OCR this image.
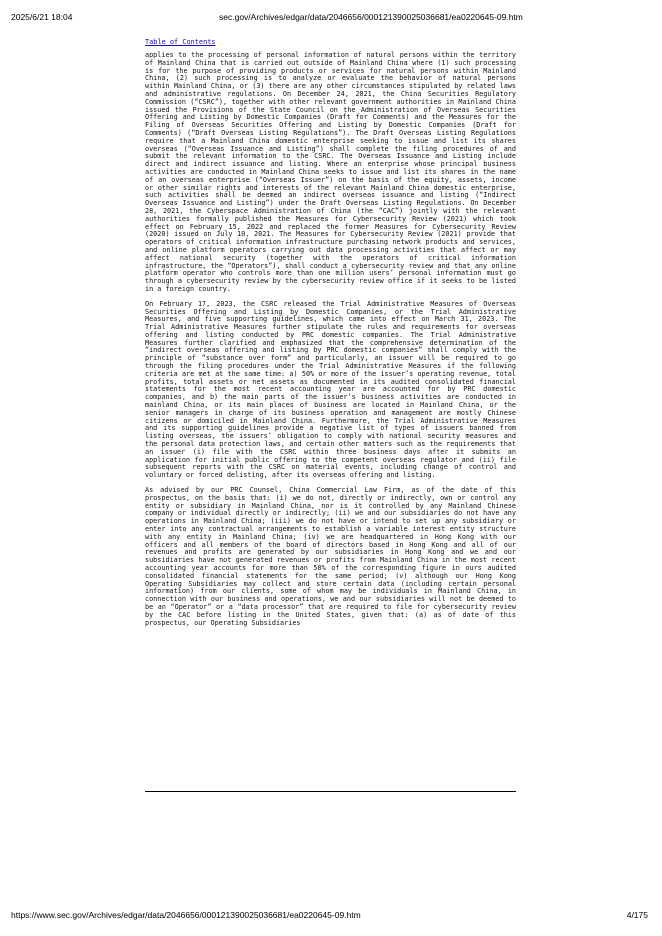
2025/6/21 18:04	sec.gov/Archives/edgar/data/2046656/000121390025036681/ea0220645-09.htm
Table of Contents

applies to the processing of personal information of natural persons within the territory of Mainland China that is carried out outside of Mainland China where (1) such processing is for the purpose of providing products or services for natural persons within Mainland China, (2) such processing is to analyze or evaluate the behavior of natural persons within Mainland China, or (3) there are any other circumstances stipulated by related laws and administrative regulations. On December 24, 2021, the China Securities Regulatory Commission (“CSRC”), together with other relevant government authorities in Mainland China issued the Provisions of the State Council on the Administration of Overseas Securities Offering and Listing by Domestic Companies (Draft for Comments) and the Measures for the Filing of Overseas Securities Offering and Listing by Domestic Companies (Draft for Comments) (“Draft Overseas Listing Regulations”). The Draft Overseas Listing Regulations require that a Mainland China domestic enterprise seeking to issue and list its shares overseas (“Overseas Issuance and Listing”) shall complete the filing procedures of and submit the relevant information to the CSRC. The Overseas Issuance and Listing include direct and indirect issuance and listing. Where an enterprise whose principal business activities are conducted in Mainland China seeks to issue and list its shares in the name of an overseas enterprise (“Overseas Issuer”) on the basis of the equity, assets, income or other similar rights and interests of the relevant Mainland China domestic enterprise, such activities shall be deemed an indirect overseas issuance and listing (“Indirect Overseas Issuance and Listing”) under the Draft Overseas Listing Regulations. On December 28, 2021, the Cyberspace Administration of China (the “CAC”) jointly with the relevant authorities formally published the Measures for Cybersecurity Review (2021) which took effect on February 15, 2022 and replaced the former Measures for Cybersecurity Review (2020) issued on July 10, 2021. The Measures for Cybersecurity Review (2021) provide that operators of critical information infrastructure purchasing network products and services, and online platform operators carrying out data processing activities that affect or may affect national security (together with the operators of critical information infrastructure, the “Operators”), shall conduct a cybersecurity review and that any online platform operator who controls more than one million users’ personal information must go through a cybersecurity review by the cybersecurity review office if it seeks to be listed in a foreign country.

On February 17, 2023, the CSRC released the Trial Administrative Measures of Overseas Securities Offering and Listing by Domestic Companies, or the Trial Administrative Measures, and five supporting guidelines, which came into effect on March 31, 2023. The Trial Administrative Measures further stipulate the rules and requirements for overseas offering and listing conducted by PRC domestic companies. The Trial Administrative Measures further clarified and emphasized that the comprehensive determination of the “indirect overseas offering and listing by PRC domestic companies” shall comply with the principle of “substance over form” and particularly, an issuer will be required to go through the filing procedures under the Trial Administrative Measures if the following criteria are met at the same time: a) 50% or more of the issuer’s operating revenue, total profits, total assets or net assets as documented in its audited consolidated financial statements for the most recent accounting year are accounted for by PRC domestic companies, and b) the main parts of the issuer’s business activities are conducted in mainland China, or its main places of business are located in Mainland China, or the senior managers in charge of its business operation and management are mostly Chinese citizens or domiciled in Mainland China. Furthermore, the Trial Administrative Measures and its supporting guidelines provide a negative list of types of issuers banned from listing overseas, the issuers’ obligation to comply with national security measures and the personal data protection laws, and certain other matters such as the requirements that an issuer (i) file with the CSRC within three business days after it submits an application for initial public offering to the competent overseas regulator and (ii) file subsequent reports with the CSRC on material events, including change of control and voluntary or forced delisting, after its overseas offering and listing.

As advised by our PRC Counsel, China Commercial Law Firm, as of the date of this prospectus, on the basis that: (i) we do not, directly or indirectly, own or control any entity or subsidiary in Mainland China, nor is it controlled by any Mainland Chinese company or individual directly or indirectly; (ii) we and our subsidiaries do not have any operations in Mainland China; (iii) we do not have or intend to set up any subsidiary or enter into any contractual arrangements to establish a variable interest entity structure with any entity in Mainland China; (iv) we are headquartered in Hong Kong with our officers and all members of the board of directors based in Hong Kong and all of our revenues and profits are generated by our subsidiaries in Hong Kong and we and our subsidiaries have not generated revenues or profits from Mainland China in the most recent accounting year accounts for more than 50% of the corresponding figure in ours audited consolidated financial statements for the same period; (v) although our Hong Kong Operating Subsidiaries may collect and store certain data (including certain personal information) from our clients, some of whom may be individuals in Mainland China, in connection with our business and operations, we and our subsidiaries will not be deemed to be an “Operator” or a “data processor” that are required to file for cybersecurity review by the CAC before listing in the United States, given that: (a) as of date of this prospectus, our Operating Subsidiaries

https://www.sec.gov/Archives/edgar/data/2046656/000121390025036681/ea0220645-09.htm	4/175
